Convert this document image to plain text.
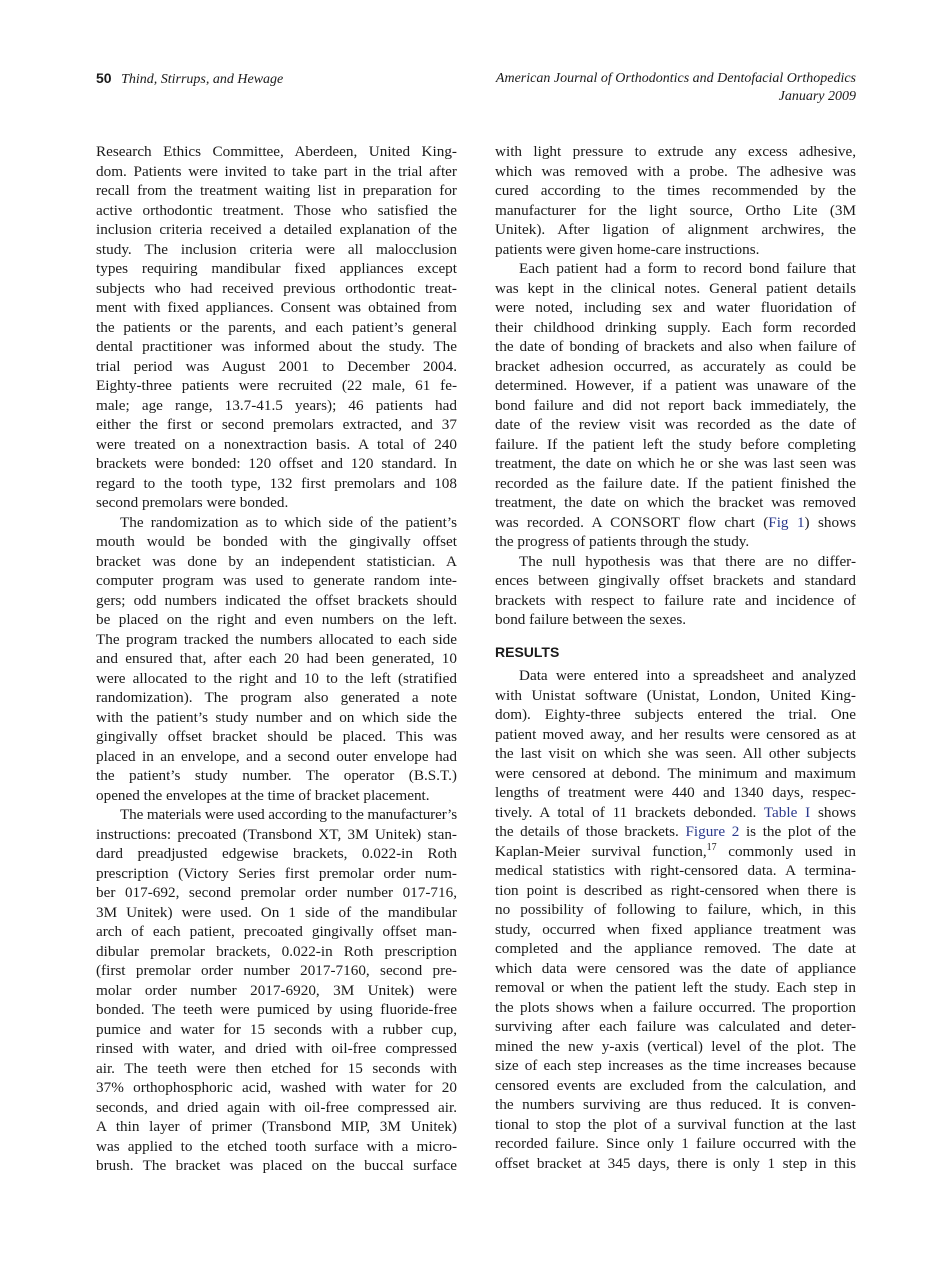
50 Thind, Stirrups, and Hewage	American Journal of Orthodontics and Dentofacial Orthopedics
January 2009
Research Ethics Committee, Aberdeen, United King-
dom. Patients were invited to take part in the trial after
recall from the treatment waiting list in preparation for
active orthodontic treatment. Those who satisfied the
inclusion criteria received a detailed explanation of the
study. The inclusion criteria were all malocclusion
types requiring mandibular fixed appliances except
subjects who had received previous orthodontic treat-
ment with fixed appliances. Consent was obtained from
the patients or the parents, and each patient’s general
dental practitioner was informed about the study. The
trial period was August 2001 to December 2004.
Eighty-three patients were recruited (22 male, 61 fe-
male; age range, 13.7-41.5 years); 46 patients had
either the first or second premolars extracted, and 37
were treated on a nonextraction basis. A total of 240
brackets were bonded: 120 offset and 120 standard. In
regard to the tooth type, 132 first premolars and 108
second premolars were bonded.
The randomization as to which side of the patient’s
mouth would be bonded with the gingivally offset
bracket was done by an independent statistician. A
computer program was used to generate random inte-
gers; odd numbers indicated the offset brackets should
be placed on the right and even numbers on the left.
The program tracked the numbers allocated to each side
and ensured that, after each 20 had been generated, 10
were allocated to the right and 10 to the left (stratified
randomization). The program also generated a note
with the patient’s study number and on which side the
gingivally offset bracket should be placed. This was
placed in an envelope, and a second outer envelope had
the patient’s study number. The operator (B.S.T.)
opened the envelopes at the time of bracket placement.
The materials were used according to the manufacturer’s
instructions: precoated (Transbond XT, 3M Unitek) stan-
dard preadjusted edgewise brackets, 0.022-in Roth
prescription (Victory Series first premolar order num-
ber 017-692, second premolar order number 017-716,
3M Unitek) were used. On 1 side of the mandibular
arch of each patient, precoated gingivally offset man-
dibular premolar brackets, 0.022-in Roth prescription
(first premolar order number 2017-7160, second pre-
molar order number 2017-6920, 3M Unitek) were
bonded. The teeth were pumiced by using fluoride-free
pumice and water for 15 seconds with a rubber cup,
rinsed with water, and dried with oil-free compressed
air. The teeth were then etched for 15 seconds with
37% orthophosphoric acid, washed with water for 20
seconds, and dried again with oil-free compressed air.
A thin layer of primer (Transbond MIP, 3M Unitek)
was applied to the etched tooth surface with a micro-
brush. The bracket was placed on the buccal surface
with light pressure to extrude any excess adhesive,
which was removed with a probe. The adhesive was
cured according to the times recommended by the
manufacturer for the light source, Ortho Lite (3M
Unitek). After ligation of alignment archwires, the
patients were given home-care instructions.
Each patient had a form to record bond failure that
was kept in the clinical notes. General patient details
were noted, including sex and water fluoridation of
their childhood drinking supply. Each form recorded
the date of bonding of brackets and also when failure of
bracket adhesion occurred, as accurately as could be
determined. However, if a patient was unaware of the
bond failure and did not report back immediately, the
date of the review visit was recorded as the date of
failure. If the patient left the study before completing
treatment, the date on which he or she was last seen was
recorded as the failure date. If the patient finished the
treatment, the date on which the bracket was removed
was recorded. A CONSORT flow chart (Fig 1) shows
the progress of patients through the study.
The null hypothesis was that there are no differ-
ences between gingivally offset brackets and standard
brackets with respect to failure rate and incidence of
bond failure between the sexes.
RESULTS
Data were entered into a spreadsheet and analyzed
with Unistat software (Unistat, London, United King-
dom). Eighty-three subjects entered the trial. One
patient moved away, and her results were censored as at
the last visit on which she was seen. All other subjects
were censored at debond. The minimum and maximum
lengths of treatment were 440 and 1340 days, respec-
tively. A total of 11 brackets debonded. Table I shows
the details of those brackets. Figure 2 is the plot of the
Kaplan-Meier survival function,$^{17}$ commonly used in
medical statistics with right-censored data. A termina-
tion point is described as right-censored when there is
no possibility of following to failure, which, in this
study, occurred when fixed appliance treatment was
completed and the appliance removed. The date at
which data were censored was the date of appliance
removal or when the patient left the study. Each step in
the plots shows when a failure occurred. The proportion
surviving after each failure was calculated and deter-
mined the new y-axis (vertical) level of the plot. The
size of each step increases as the time increases because
censored events are excluded from the calculation, and
the numbers surviving are thus reduced. It is conven-
tional to stop the plot of a survival function at the last
recorded failure. Since only 1 failure occurred with the
offset bracket at 345 days, there is only 1 step in this
